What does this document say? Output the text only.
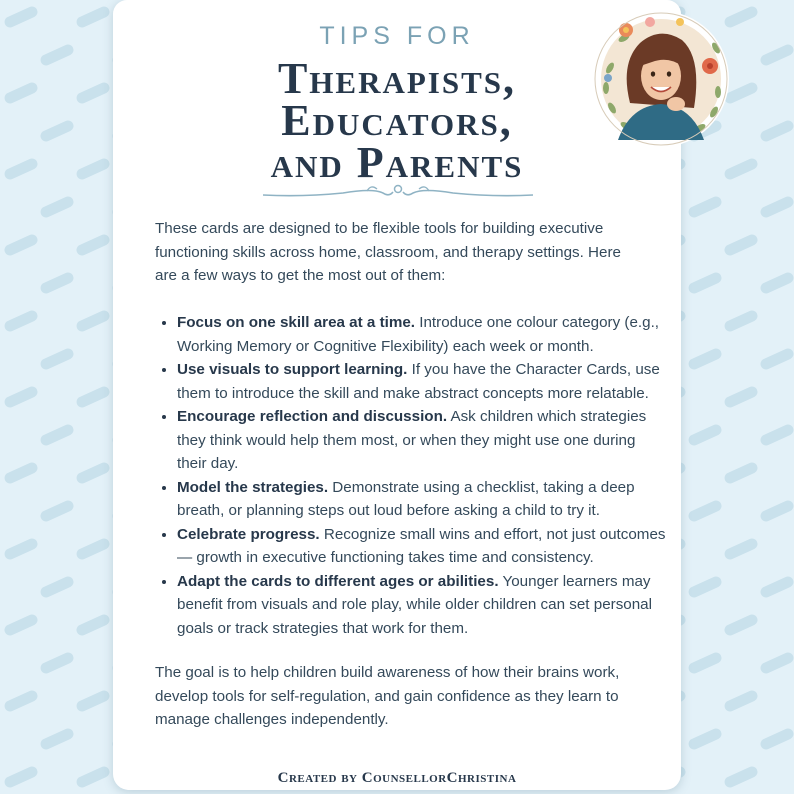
TIPS FOR
Therapists,
Educators,
and Parents
These cards are designed to be flexible tools for building executive functioning skills across home, classroom, and therapy settings. Here are a few ways to get the most out of them:
• Focus on one skill area at a time. Introduce one colour category (e.g., Working Memory or Cognitive Flexibility) each week or month.
• Use visuals to support learning. If you have the Character Cards, use them to introduce the skill and make abstract concepts more relatable.
• Encourage reflection and discussion. Ask children which strategies they think would help them most, or when they might use one during their day.
• Model the strategies. Demonstrate using a checklist, taking a deep breath, or planning steps out loud before asking a child to try it.
• Celebrate progress. Recognize small wins and effort, not just outcomes — growth in executive functioning takes time and consistency.
• Adapt the cards to different ages or abilities. Younger learners may benefit from visuals and role play, while older children can set personal goals or track strategies that work for them.
The goal is to help children build awareness of how their brains work, develop tools for self-regulation, and gain confidence as they learn to manage challenges independently.
Created by CounsellorChristina
